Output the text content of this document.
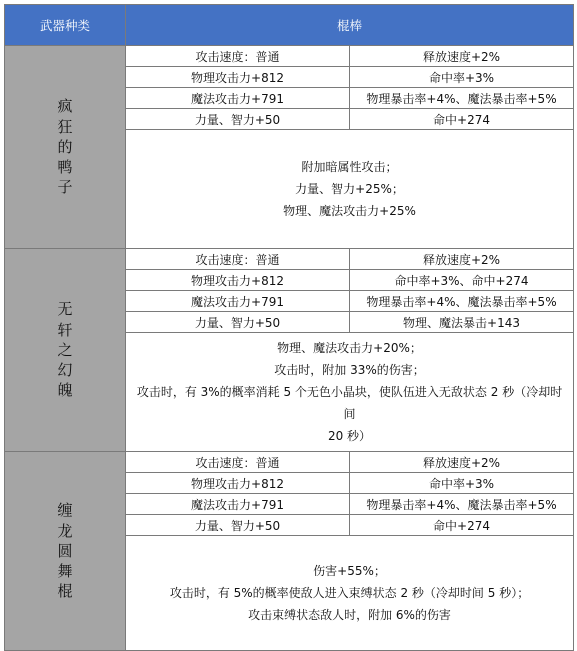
武器种类	棍棒	

疯
狂
的
鸭
子	攻击速度：普通	释放速度+2%
	物理攻击力+812	命中率+3%
	魔法攻击力+791	物理暴击率+4%、魔法暴击率+5%
	力量、智力+50	命中+274

	附加暗属性攻击；
力量、智力+25%；
物理、魔法攻击力+25%	

无
轩
之
幻
魄	攻击速度：普通	释放速度+2%
	物理攻击力+812	命中率+3%、命中+274
	魔法攻击力+791	物理暴击率+4%、魔法暴击率+5%
	力量、智力+50	物理、魔法暴击+143

	物理、魔法攻击力+20%；
攻击时，附加 33%的伤害；
攻击时，有 3%的概率消耗 5 个无色小晶块，使队伍进入无敌状态 2 秒（冷却时间
20 秒）	

缠
龙
圆
舞
棍	攻击速度：普通	释放速度+2%
	物理攻击力+812	命中率+3%
	魔法攻击力+791	物理暴击率+4%、魔法暴击率+5%
	力量、智力+50	命中+274

	伤害+55%；
攻击时，有 5%的概率使敌人进入束缚状态 2 秒（冷却时间 5 秒）；
攻击束缚状态敌人时，附加 6%的伤害	
